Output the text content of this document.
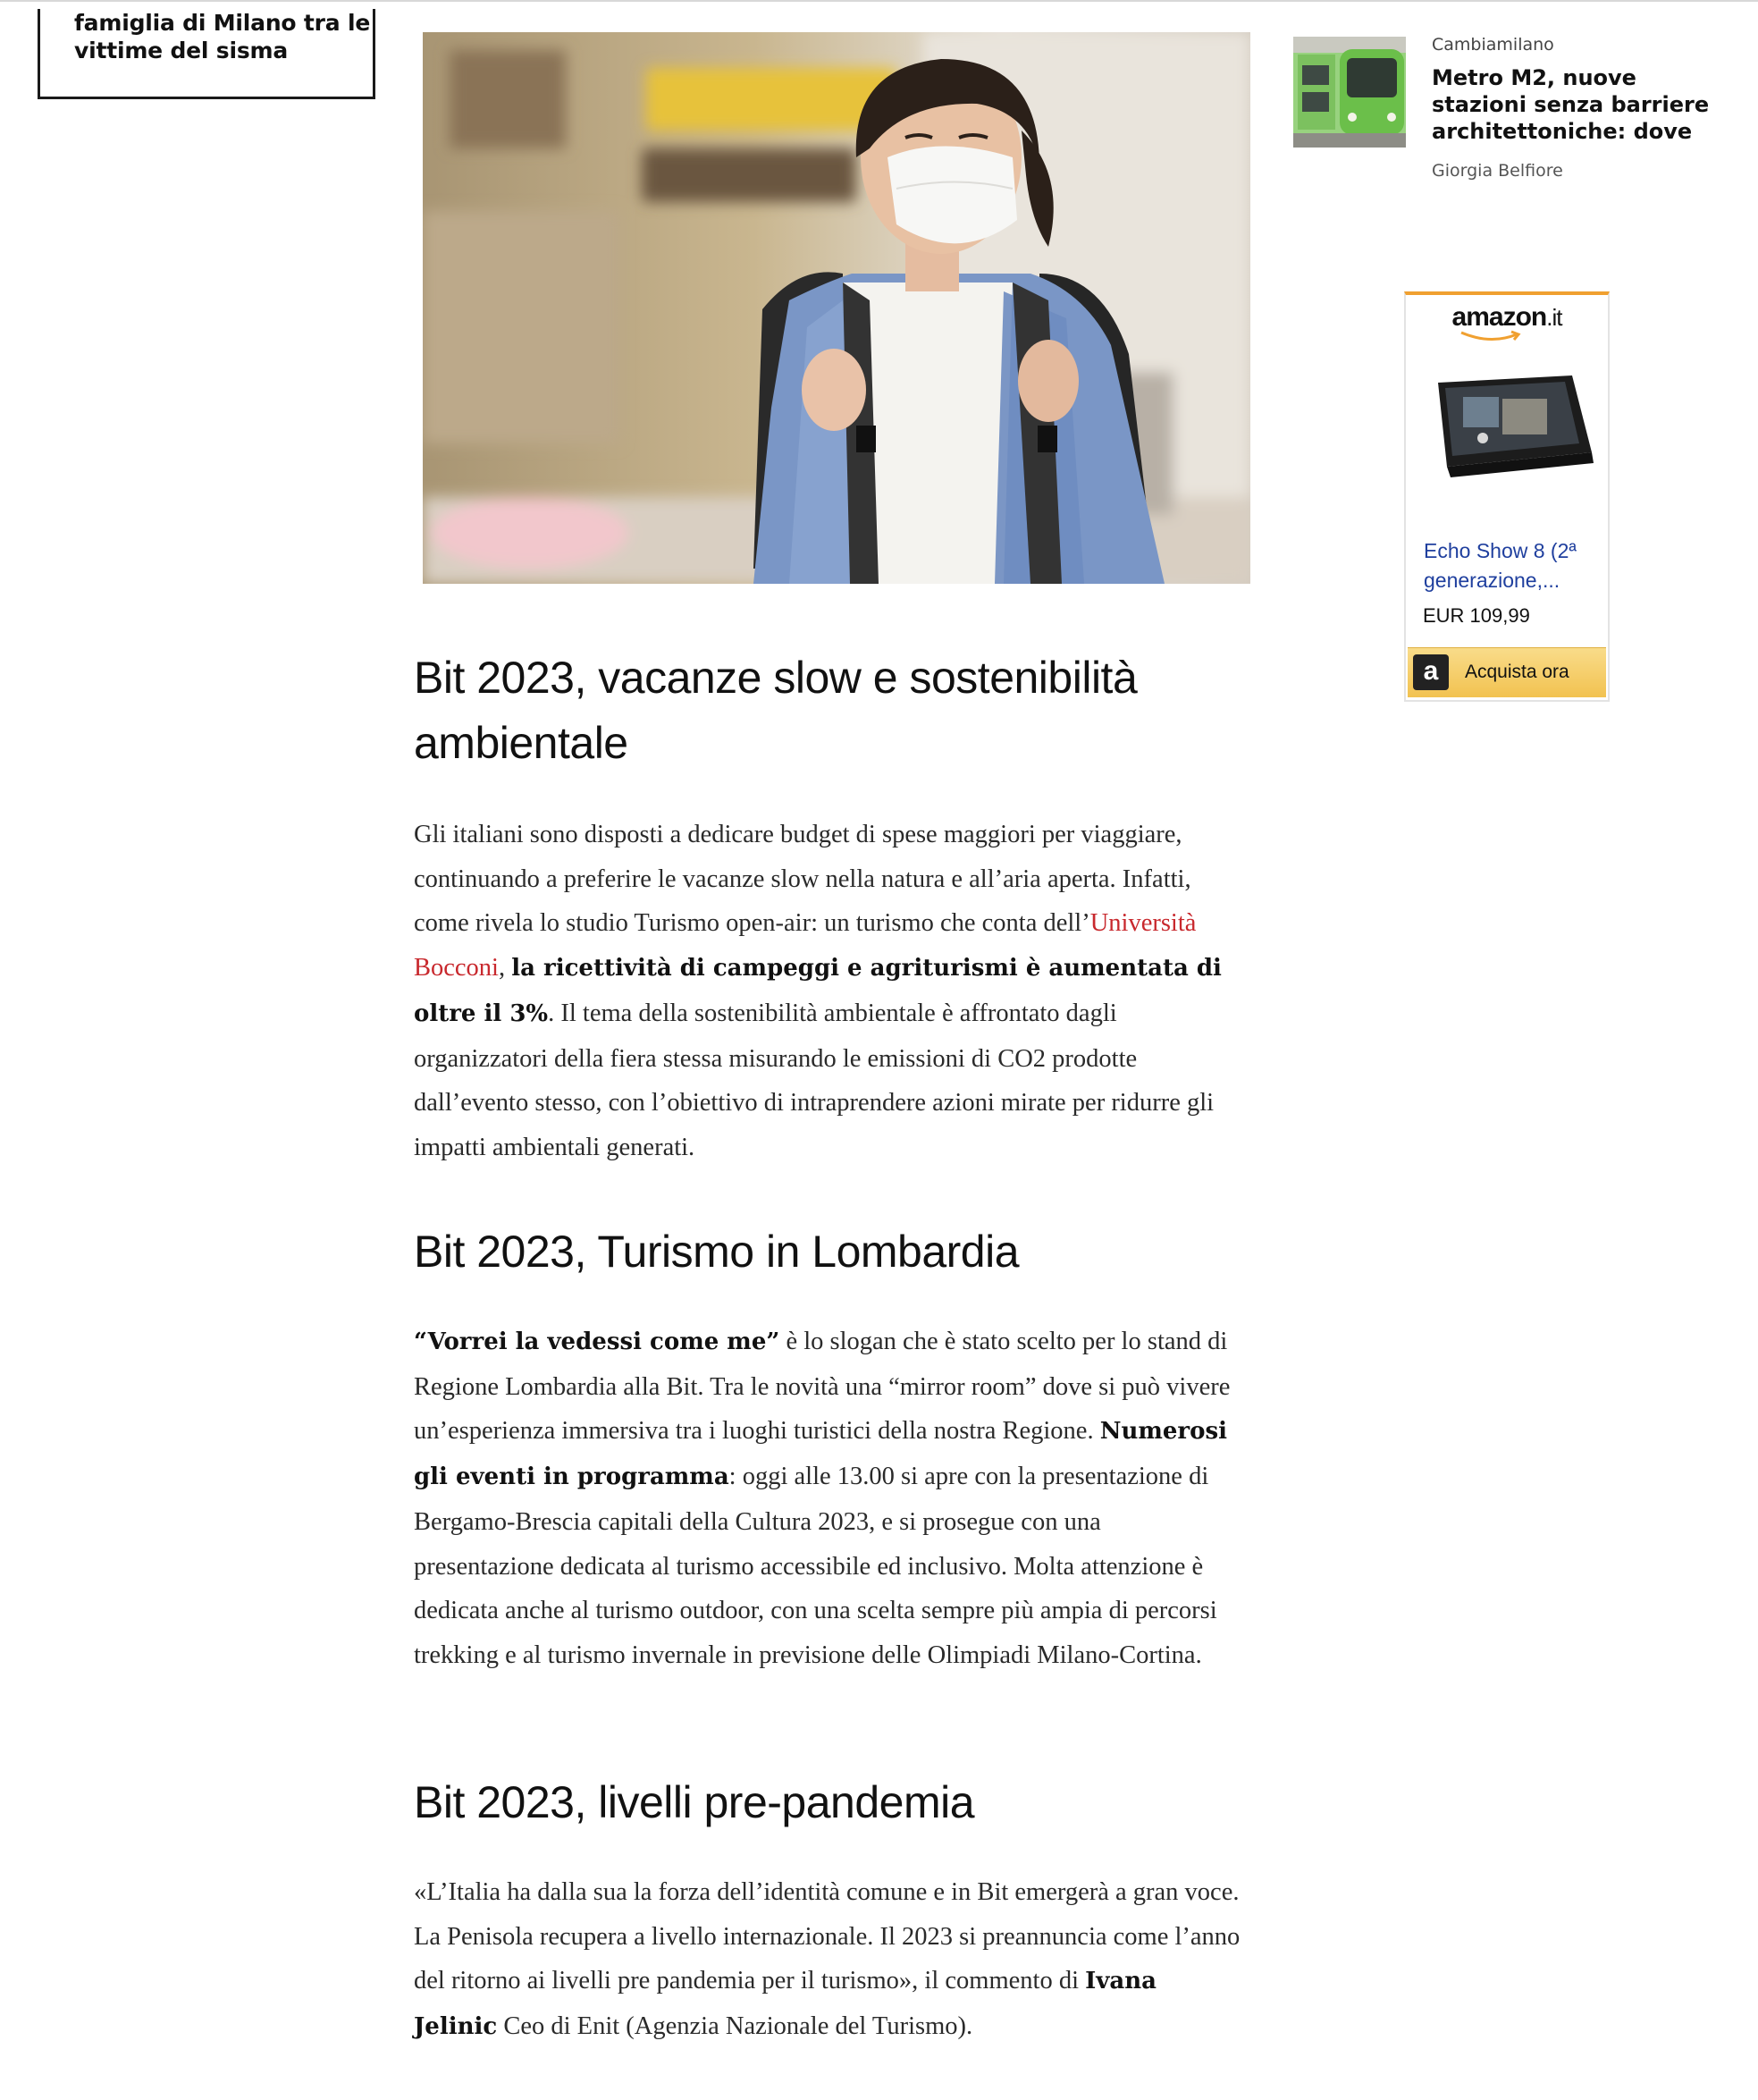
famiglia di Milano tra le vittime del sisma	Cambiamilano

Metro M2, nuove stazioni senza barriere architettoniche: dove

Giorgia Belfiore

amazon.it

Echo Show 8 (2ª generazione,...

EUR 109,99

a	Acquista ora
Bit 2023, vacanze slow e sostenibilità ambientale

Gli italiani sono disposti a dedicare budget di spese maggiori per viaggiare, continuando a preferire le vacanze slow nella natura e all’aria aperta. Infatti, come rivela lo studio Turismo open-air: un turismo che conta dell’Università Bocconi, la ricettività di campeggi e agriturismi è aumentata di oltre il 3%. Il tema della sostenibilità ambientale è affrontato dagli organizzatori della fiera stessa misurando le emissioni di CO2 prodotte dall’evento stesso, con l’obiettivo di intraprendere azioni mirate per ridurre gli impatti ambientali generati.

Bit 2023, Turismo in Lombardia

“Vorrei la vedessi come me” è lo slogan che è stato scelto per lo stand di Regione Lombardia alla Bit. Tra le novità una “mirror room” dove si può vivere un’esperienza immersiva tra i luoghi turistici della nostra Regione. Numerosi gli eventi in programma: oggi alle 13.00 si apre con la presentazione di Bergamo-Brescia capitali della Cultura 2023, e si prosegue con una presentazione dedicata al turismo accessibile ed inclusivo. Molta attenzione è dedicata anche al turismo outdoor, con una scelta sempre più ampia di percorsi trekking e al turismo invernale in previsione delle Olimpiadi Milano-Cortina.

Bit 2023, livelli pre-pandemia

«L’Italia ha dalla sua la forza dell’identità comune e in Bit emergerà a gran voce. La Penisola recupera a livello internazionale. Il 2023 si preannuncia come l’anno del ritorno ai livelli pre pandemia per il turismo», il commento di Ivana Jelinic Ceo di Enit (Agenzia Nazionale del Turismo).
